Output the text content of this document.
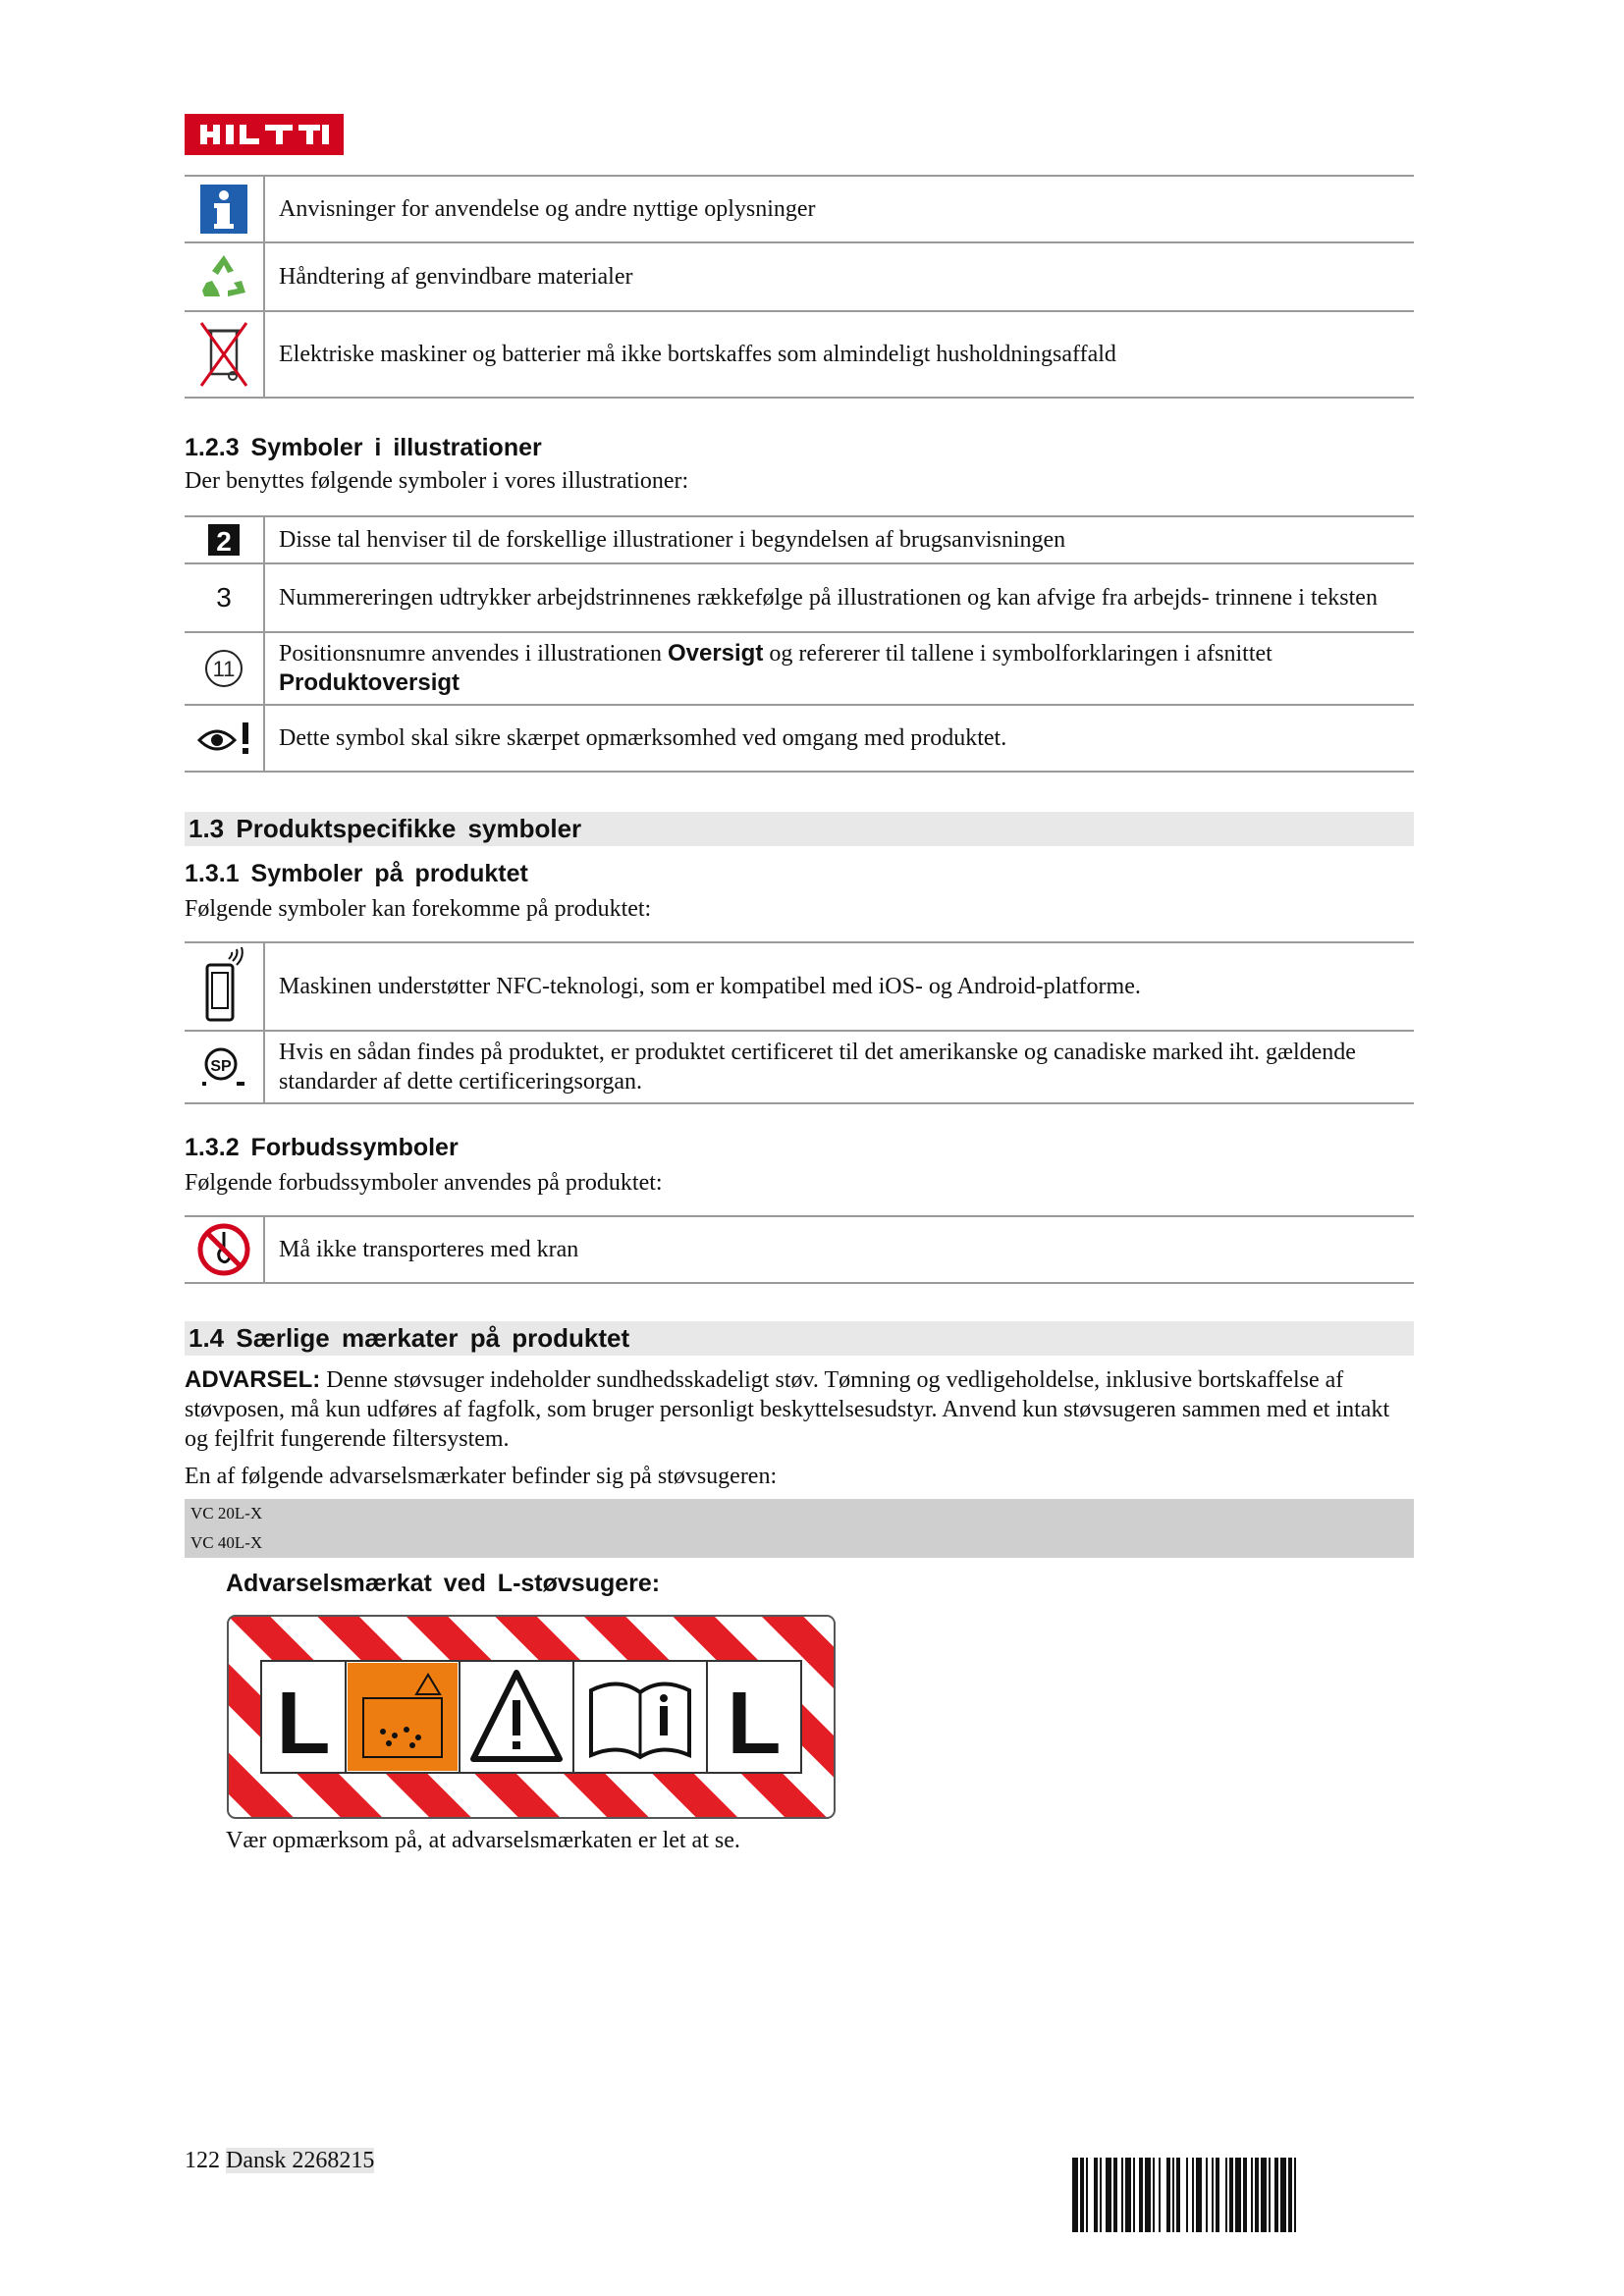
	Anvisninger for anvendelse og andre nyttige oplysninger

	Håndtering af genvindbare materialer

	Elektriske maskiner og batterier må ikke bortskaffes som almindeligt husholdningsaffald
1.2.3 Symboler i illustrationer

Der benyttes følgende symboler i vores illustrationer:

2	Disse tal henviser til de forskellige illustrationer i begyndelsen af brugsanvisningen
3	Nummereringen udtrykker arbejdstrinnenes rækkefølge på illustrationen og kan afvige fra arbejds- trinnene i teksten

11	Positionsnumre anvendes i illustrationen Oversigt og refererer til tallene i symbolforklaringen i afsnittet Produktoversigt

	Dette symbol skal sikre skærpet opmærksomhed ved omgang med produktet.
1.3 Produktspecifikke symboler
1.3.1 Symboler på produktet

Følgende symboler kan forekomme på produktet:

	Maskinen understøtter NFC-teknologi, som er kompatibel med iOS- og Android-platforme.

SP	Hvis en sådan findes på produktet, er produktet certificeret til det amerikanske og canadiske marked iht. gældende standarder af dette certificeringsorgan.
1.3.2 Forbudssymboler

Følgende forbudssymboler anvendes på produktet:

	Må ikke transporteres med kran
1.4 Særlige mærkater på produktet

ADVARSEL: Denne støvsuger indeholder sundhedsskadeligt støv. Tømning og vedligeholdelse, inklusive bortskaffelse af støvposen, må kun udføres af fagfolk, som bruger personligt beskyttelsesudstyr. Anvend kun støvsugeren sammen med et intakt og fejlfrit fungerende filtersystem.

En af følgende advarselsmærkater befinder sig på støvsugeren:

VC 20L-X
VC 40L-X
Advarselsmærkat ved L-støvsugere:
L	L

Vær opmærksom på, at advarselsmærkaten er let at se.

122 Dansk 2268215
